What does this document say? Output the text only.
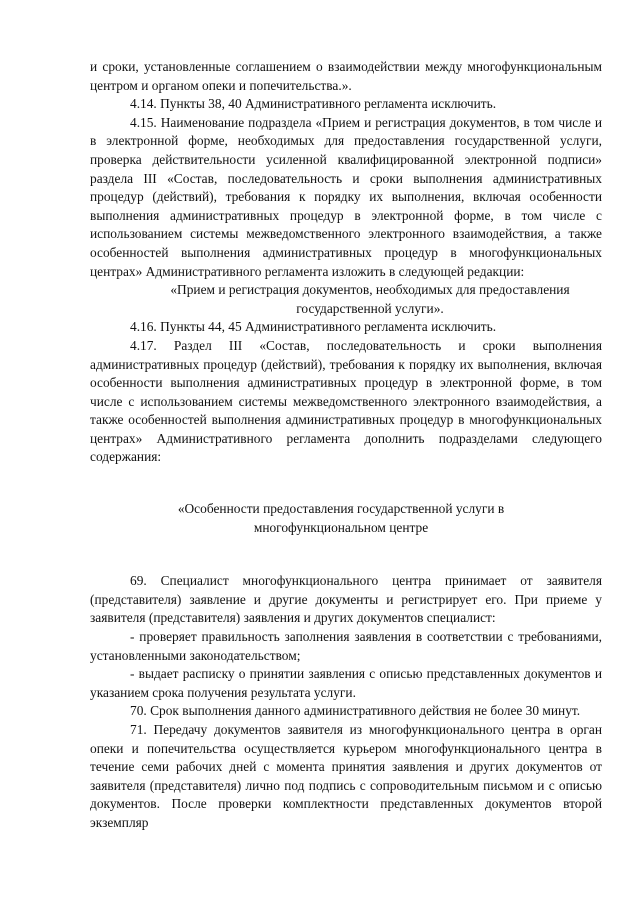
и сроки, установленные соглашением о взаимодействии между многофункциональным центром и органом опеки и попечительства.».

4.14. Пункты 38, 40 Административного регламента исключить.

4.15. Наименование подраздела «Прием и регистрация документов, в том числе и в электронной форме, необходимых для предоставления государственной услуги, проверка действительности усиленной квалифицированной электронной подписи» раздела III «Состав, последовательность и сроки выполнения административных процедур (действий), требования к порядку их выполнения, включая особенности выполнения административных процедур в электронной форме, в том числе с использованием системы межведомственного электронного взаимодействия, а также особенностей выполнения административных процедур в многофункциональных центрах» Административного регламента изложить в следующей редакции:

«Прием и регистрация документов, необходимых для предоставления государственной услуги».

4.16. Пункты 44, 45 Административного регламента исключить.

4.17. Раздел III «Состав, последовательность и сроки выполнения административных процедур (действий), требования к порядку их выполнения, включая особенности выполнения административных процедур в электронной форме, в том числе с использованием системы межведомственного электронного взаимодействия, а также особенностей выполнения административных процедур в многофункциональных центрах» Административного регламента дополнить подразделами следующего содержания:

«Особенности предоставления государственной услуги в многофункциональном центре

69. Специалист многофункционального центра принимает от заявителя (представителя) заявление и другие документы и регистрирует его. При приеме у заявителя (представителя) заявления и других документов специалист:

- проверяет правильность заполнения заявления в соответствии с требованиями, установленными законодательством;

- выдает расписку о принятии заявления с описью представленных документов и указанием срока получения результата услуги.

70. Срок выполнения данного административного действия не более 30 минут.

71. Передачу документов заявителя из многофункционального центра в орган опеки и попечительства осуществляется курьером многофункционального центра в течение семи рабочих дней с момента принятия заявления и других документов от заявителя (представителя) лично под подпись с сопроводительным письмом и с описью документов. После проверки комплектности представленных документов второй экземпляр
